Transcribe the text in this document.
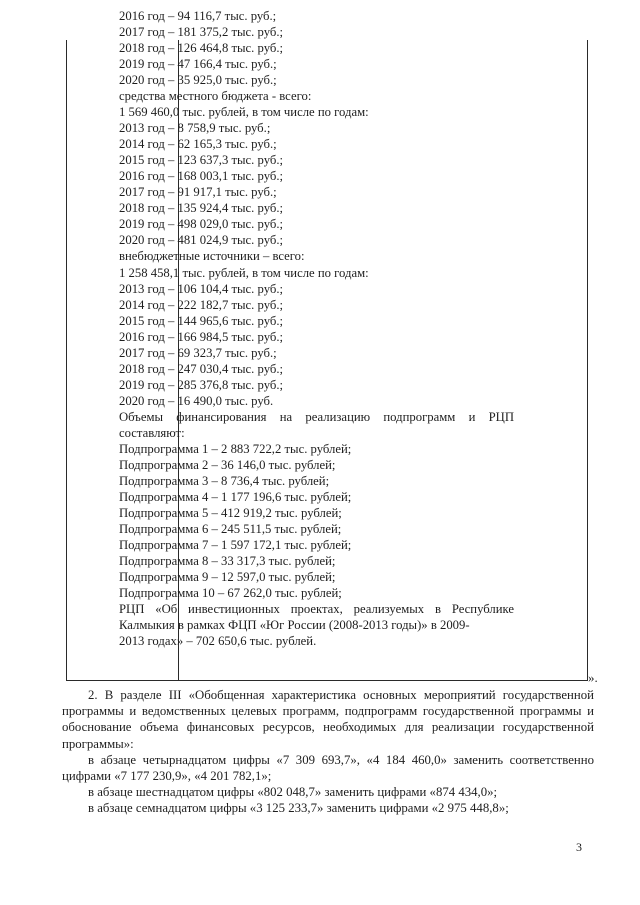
2016 год – 94 116,7 тыс. руб.;
2017 год – 181 375,2 тыс. руб.;
2018 год – 126 464,8 тыс. руб.;
2019 год – 47 166,4 тыс. руб.;
2020 год – 35 925,0 тыс. руб.;
средства местного бюджета - всего:
1 569 460,0 тыс. рублей, в том числе по годам:
2013 год – 8 758,9 тыс. руб.;
2014 год – 62 165,3 тыс. руб.;
2015 год – 123 637,3 тыс. руб.;
2016 год – 168 003,1 тыс. руб.;
2017 год – 91 917,1 тыс. руб.;
2018 год – 135 924,4 тыс. руб.;
2019 год – 498 029,0 тыс. руб.;
2020 год – 481 024,9 тыс. руб.;
внебюджетные источники – всего:
1 258 458,1 тыс. рублей, в том числе по годам:
2013 год – 106 104,4 тыс. руб.;
2014 год – 222 182,7 тыс. руб.;
2015 год – 144 965,6 тыс. руб.;
2016 год – 166 984,5 тыс. руб.;
2017 год – 69 323,7 тыс. руб.;
2018 год – 247 030,4 тыс. руб.;
2019 год – 285 376,8 тыс. руб.;
2020 год – 16 490,0 тыс. руб.
Объемы финансирования на реализацию подпрограмм и РЦП составляют:
Подпрограмма 1 – 2 883 722,2 тыс. рублей;
Подпрограмма 2 – 36 146,0 тыс. рублей;
Подпрограмма 3 – 8 736,4 тыс. рублей;
Подпрограмма 4 – 1 177 196,6 тыс. рублей;
Подпрограмма 5 – 412 919,2 тыс. рублей;
Подпрограмма 6 – 245 511,5 тыс. рублей;
Подпрограмма 7 – 1 597 172,1 тыс. рублей;
Подпрограмма 8 – 33 317,3 тыс. рублей;
Подпрограмма 9 – 12 597,0 тыс. рублей;
Подпрограмма 10 – 67 262,0 тыс. рублей;
РЦП «Об инвестиционных проектах, реализуемых в Республике Калмыкия в рамках ФЦП «Юг России (2008-2013 годы)» в 2009-
2013 годах» – 702 650,6 тыс. рублей.
».

2. В разделе III «Обобщенная характеристика основных мероприятий государственной программы и ведомственных целевых программ, подпрограмм государственной программы и обоснование объема финансовых ресурсов, необходимых для реализации государственной программы»:

в абзаце четырнадцатом цифры «7 309 693,7», «4 184 460,0» заменить соответственно цифрами «7 177 230,9», «4 201 782,1»;

в абзаце шестнадцатом цифры «802 048,7» заменить цифрами «874 434,0»;

в абзаце семнадцатом цифры «3 125 233,7» заменить цифрами «2 975 448,8»;

3
